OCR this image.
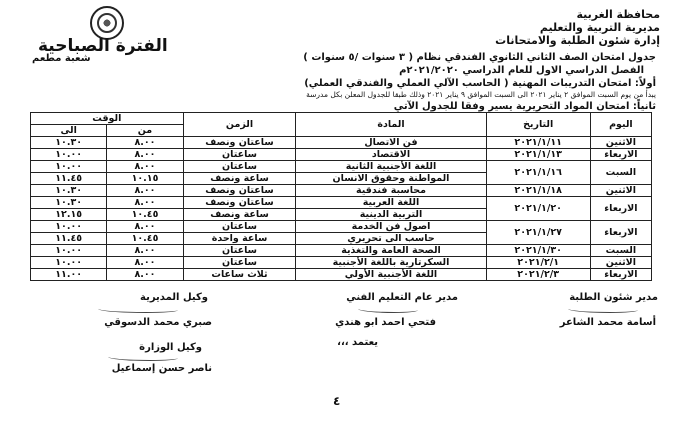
محافظة الغربية
مديرية التربية والتعليم
إدارة شئون الطلبة والامتحانات
الفترة الصباحية
جدول امتحان الصف الثاني الثانوي الفندقي نظام ( ٣ سنوات /٥ سنوات )
شعبة مطعم
الفصل الدراسي الاول للعام الدراسي ٢٠٢١/٢٠٢٠م
أولاً: امتحان التدريبات المهنية ( الحاسب الآلي العملي والفندقي العملي)
يبدأ من يوم السبت الموافق ٢ يناير ٢٠٢١ الى السبت الموافق ٩ يناير ٢٠٢١ وذلك طبقا للجدول المعلن بكل مدرسة
ثانياً: امتحان المواد التحريرية يسير وفقا للجدول الآتي
اليوم	التاريخ	المادة	الزمن	الوقت	
				من	الى
الاثنين	٢٠٢١/١/١١	فن الاتصال	ساعتان ونصف	٨.٠٠	١٠.٣٠
الاربعاء	٢٠٢١/١/١٣	الاقتصاد	ساعتان	٨.٠٠	١٠.٠٠
السبت	٢٠٢١/١/١٦	اللغة الأجنبية الثانية	ساعتان	٨.٠٠	١٠.٠٠
		المواطنة وحقوق الانسان	ساعة ونصف	١٠.١٥	١١.٤٥
الاثنين	٢٠٢١/١/١٨	محاسبة فندقية	ساعتان ونصف	٨.٠٠	١٠.٣٠
الاربعاء	٢٠٢١/١/٢٠	اللغة العربية	ساعتان ونصف	٨.٠٠	١٠.٣٠
		التربية الدينية	ساعة ونصف	١٠.٤٥	١٢.١٥
الاربعاء	٢٠٢١/١/٢٧	اصول فن الخدمة	ساعتان	٨.٠٠	١٠.٠٠
		حاسب الى تحريري	ساعة واحدة	١٠.٤٥	١١.٤٥
السبت	٢٠٢١/١/٣٠	الصحة العامة والتغذية	ساعتان	٨.٠٠	١٠.٠٠
الاثنين	٢٠٢١/٢/١	السكرتارية باللغة الأجنبية	ساعتان	٨.٠٠	١٠.٠٠
الاربعاء	٢٠٢١/٢/٣	اللغة الأجنبية الأولي	ثلاث ساعات	٨.٠٠	١١.٠٠
مدير شئون الطلبة
أسامة محمد الشاعر
مدير عام التعليم الفني
فتحي احمد ابو هندي
وكيل المديرية
صبري محمد الدسوقي
يعتمد ،،،
وكيل الوزارة
ناصر حسن إسماعيل
٤
